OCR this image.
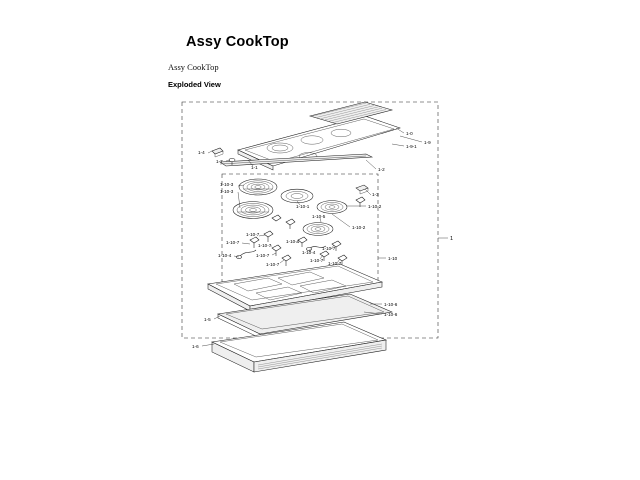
Assy CookTop
Assy CookTop
Exploded View
1
1-0
1-9
1-9-1
1-2
1-4
1-7
1-1
1-10-3
1-10-3
1-10-1
1-3
1-10-2
1-10-2
1-10-5
1-10-7
1-10-7
1-10-7
1-10-4	1-10-7
1-10-7
1-10-1
1-10-4
1-10-7
1-10-7
1-10-7
1-10
1-10-6
1-10-6
1-5
1-6
